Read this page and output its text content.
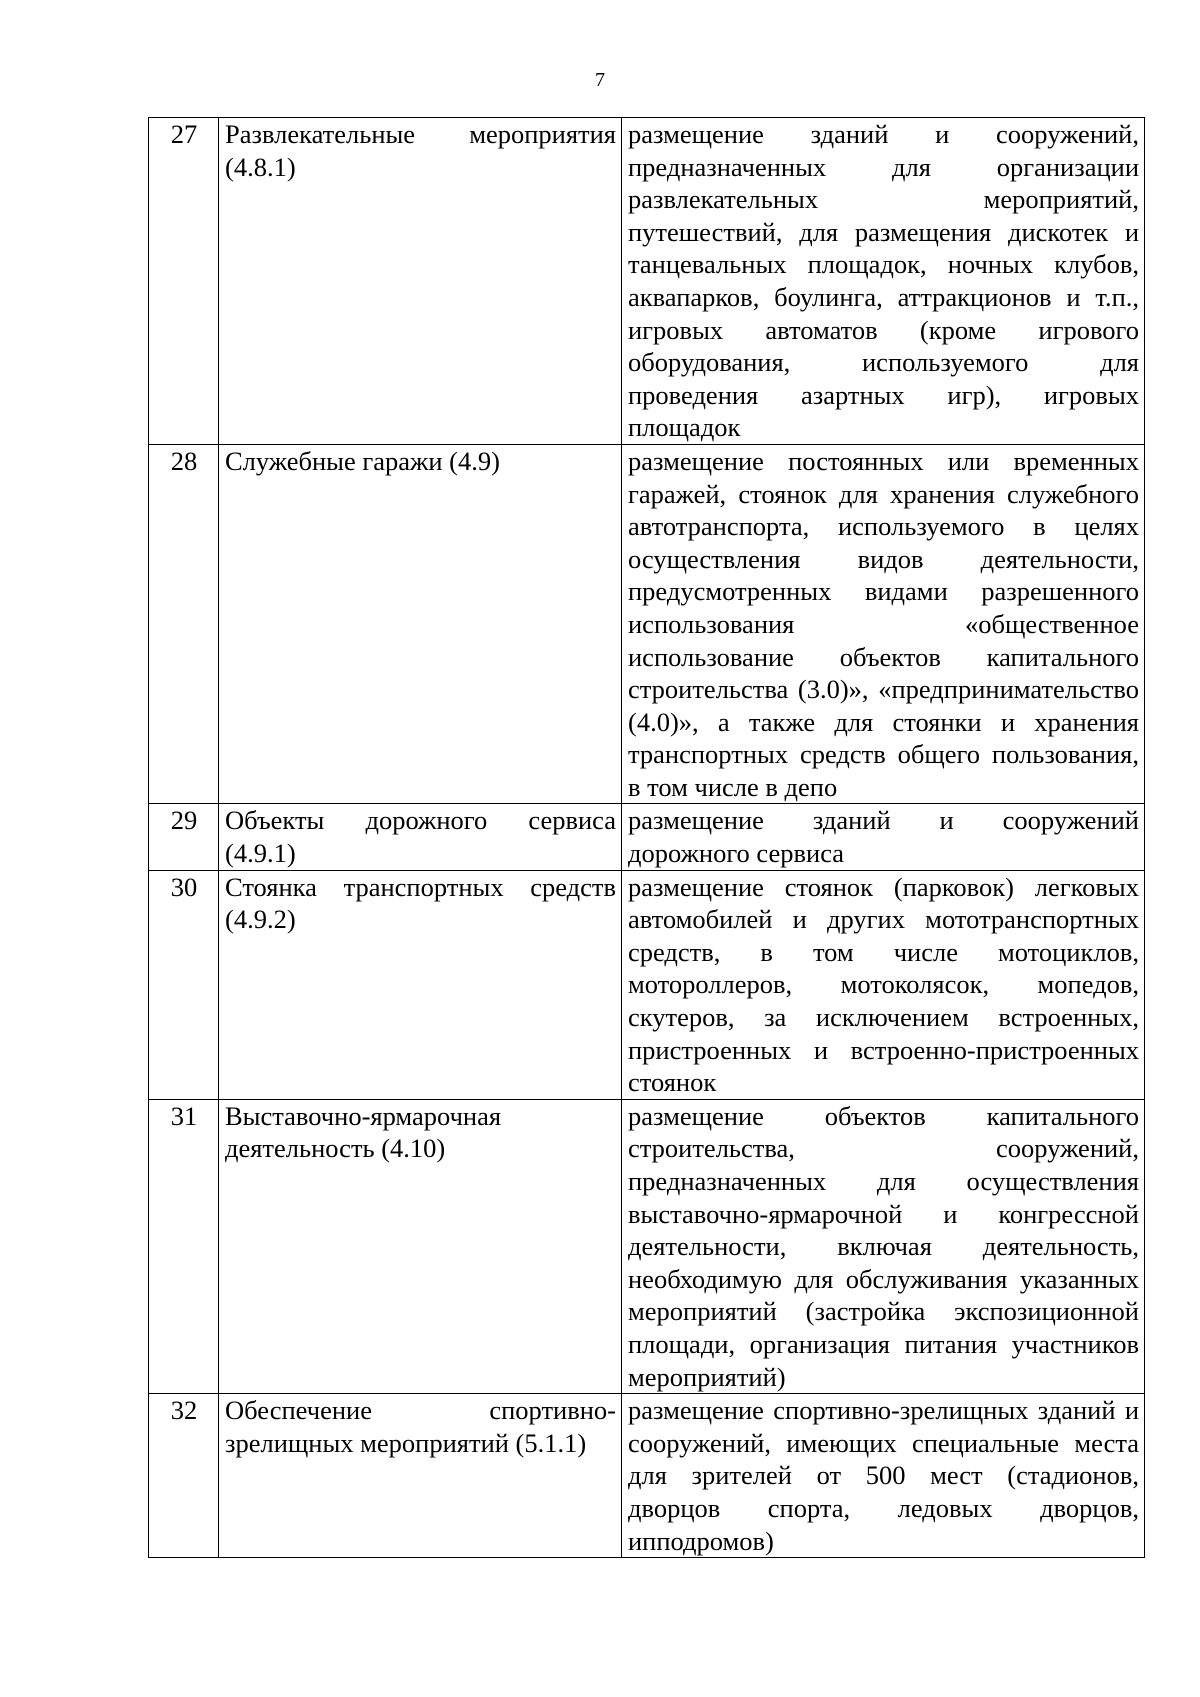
7
27	Развлекательные мероприятия (4.8.1)	размещение зданий и сооружений, предназначенных для организации развлекательных мероприятий, путешествий, для размещения дискотек и танцевальных площадок, ночных клубов, аквапарков, боулинга, аттракционов и т.п., игровых автоматов (кроме игрового оборудования, используемого для проведения азартных игр), игровых площадок
28	Служебные гаражи (4.9)	размещение постоянных или временных гаражей, стоянок для хранения служебного автотранспорта, используемого в целях осуществления видов деятельности, предусмотренных видами разрешенного использования «общественное использование объектов капитального строительства (3.0)», «предпринимательство (4.0)», а также для стоянки и хранения транспортных средств общего пользования, в том числе в депо
29	Объекты дорожного сервиса (4.9.1)	размещение зданий и сооружений дорожного сервиса
30	Стоянка транспортных средств (4.9.2)	размещение стоянок (парковок) легковых автомобилей и других мототранспортных средств, в том числе мотоциклов, мотороллеров, мотоколясок, мопедов, скутеров, за исключением встроенных, пристроенных и встроенно-пристроенных стоянок
31	Выставочно-ярмарочная деятельность (4.10)	размещение объектов капитального строительства, сооружений, предназначенных для осуществления выставочно-ярмарочной и конгрессной деятельности, включая деятельность, необходимую для обслуживания указанных мероприятий (застройка экспозиционной площади, организация питания участников мероприятий)
32	Обеспечение спортивно-зрелищных мероприятий (5.1.1)	размещение спортивно-зрелищных зданий и сооружений, имеющих специальные места для зрителей от 500 мест (стадионов, дворцов спорта, ледовых дворцов, ипподромов)
